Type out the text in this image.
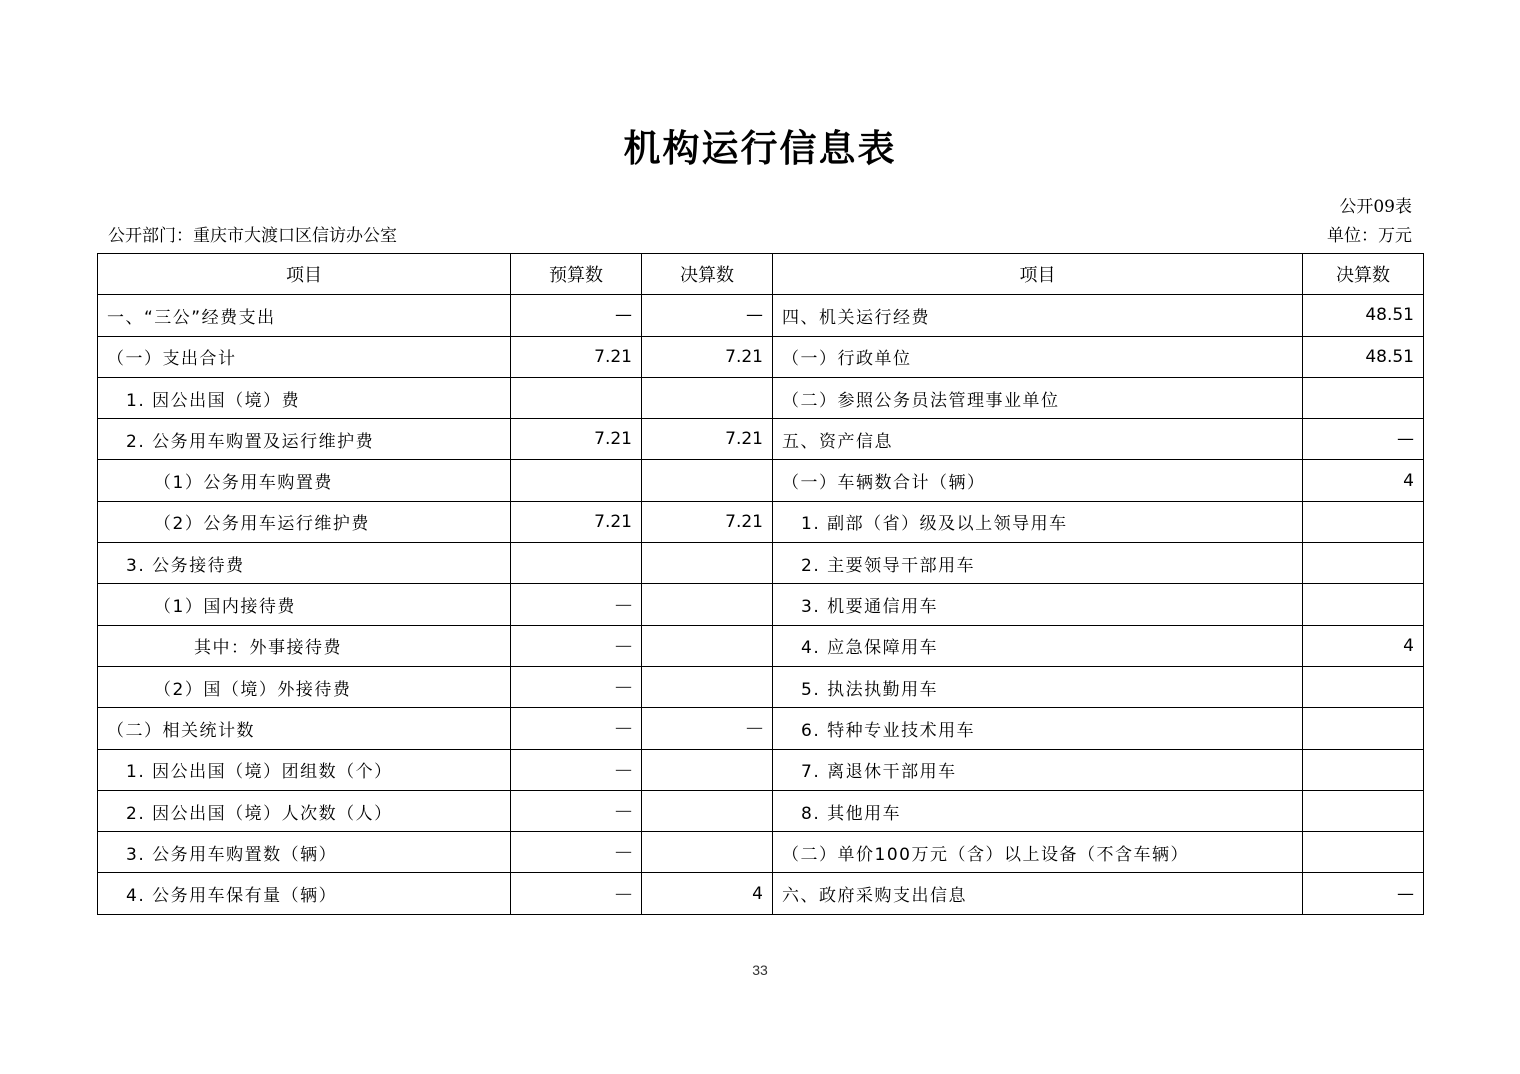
机构运行信息表
公开09表
公开部门：重庆市大渡口区信访办公室	单位：万元
项目	预算数	决算数	项目	决算数
一、“三公”经费支出	—	—	四、机关运行经费	48.51
（一）支出合计	7.21	7.21	（一）行政单位	48.51
1. 因公出国（境）费			（二）参照公务员法管理事业单位	
2. 公务用车购置及运行维护费	7.21	7.21	五、资产信息	—
（1）公务用车购置费			（一）车辆数合计（辆）	4
（2）公务用车运行维护费	7.21	7.21	1. 副部（省）级及以上领导用车	
3. 公务接待费			2. 主要领导干部用车	
（1）国内接待费	—		3. 机要通信用车	
其中：外事接待费	—		4. 应急保障用车	4
（2）国（境）外接待费	—		5. 执法执勤用车	
（二）相关统计数	—	—	6. 特种专业技术用车	
1. 因公出国（境）团组数（个）	—		7. 离退休干部用车	
2. 因公出国（境）人次数（人）	—		8. 其他用车	
3. 公务用车购置数（辆）	—		（二）单价100万元（含）以上设备（不含车辆）	
4. 公务用车保有量（辆）	—	4	六、政府采购支出信息	—
33
